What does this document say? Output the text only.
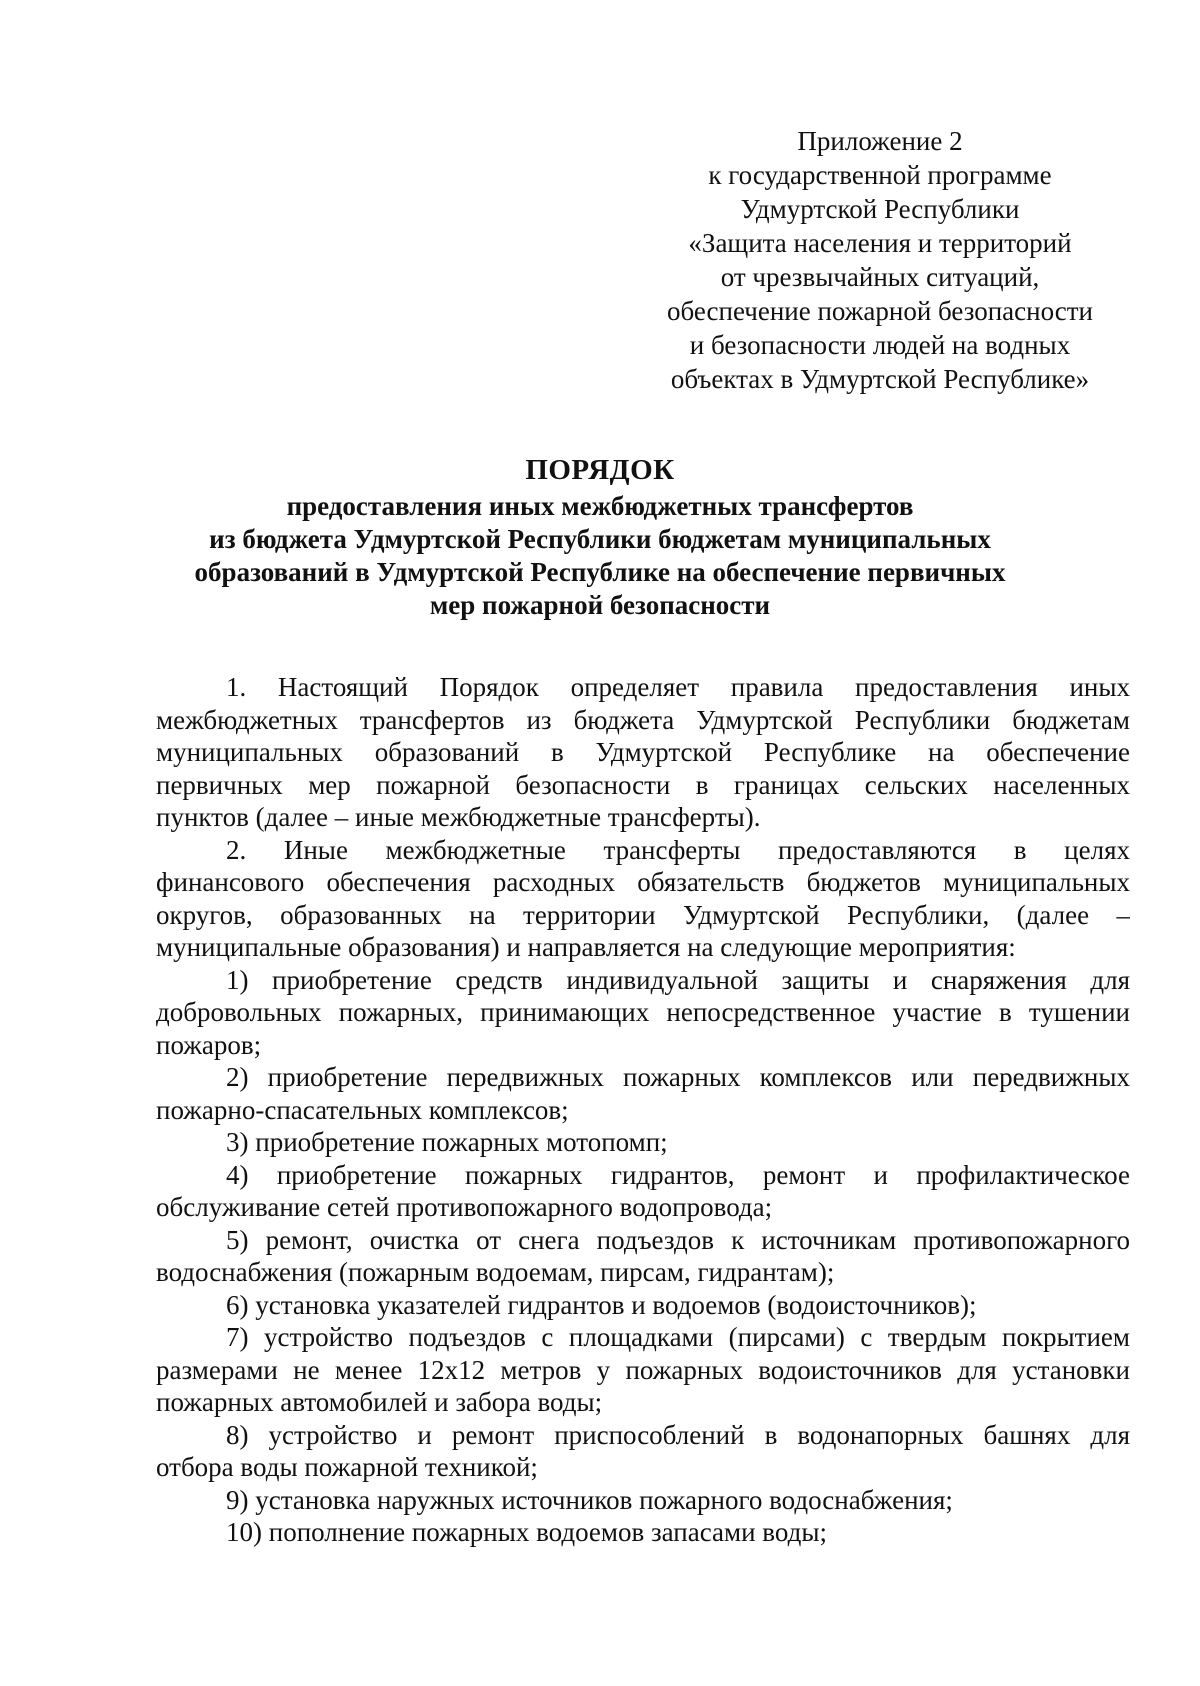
Приложение 2
к государственной программе
Удмуртской Республики
«Защита населения и территорий
от чрезвычайных ситуаций,
обеспечение пожарной безопасности
и безопасности людей на водных
объектах в Удмуртской Республике»
ПОРЯДОК
предоставления иных межбюджетных трансфертов
из бюджета Удмуртской Республики бюджетам муниципальных
образований в Удмуртской Республике на обеспечение первичных
мер пожарной безопасности
1. Настоящий Порядок определяет правила предоставления иных
межбюджетных трансфертов из бюджета Удмуртской Республики бюджетам
муниципальных образований в Удмуртской Республике на обеспечение
первичных мер пожарной безопасности в границах сельских населенных
пунктов (далее – иные межбюджетные трансферты).
2. Иные межбюджетные трансферты предоставляются в целях
финансового обеспечения расходных обязательств бюджетов муниципальных
округов, образованных на территории Удмуртской Республики, (далее –
муниципальные образования) и направляется на следующие мероприятия:
1) приобретение средств индивидуальной защиты и снаряжения для
добровольных пожарных, принимающих непосредственное участие в тушении
пожаров;
2) приобретение передвижных пожарных комплексов или передвижных
пожарно-спасательных комплексов;
3) приобретение пожарных мотопомп;
4) приобретение пожарных гидрантов, ремонт и профилактическое
обслуживание сетей противопожарного водопровода;
5) ремонт, очистка от снега подъездов к источникам противопожарного
водоснабжения (пожарным водоемам, пирсам, гидрантам);
6) установка указателей гидрантов и водоемов (водоисточников);
7) устройство подъездов с площадками (пирсами) с твердым покрытием
размерами не менее 12х12 метров у пожарных водоисточников для установки
пожарных автомобилей и забора воды;
8) устройство и ремонт приспособлений в водонапорных башнях для
отбора воды пожарной техникой;
9) установка наружных источников пожарного водоснабжения;
10) пополнение пожарных водоемов запасами воды;
